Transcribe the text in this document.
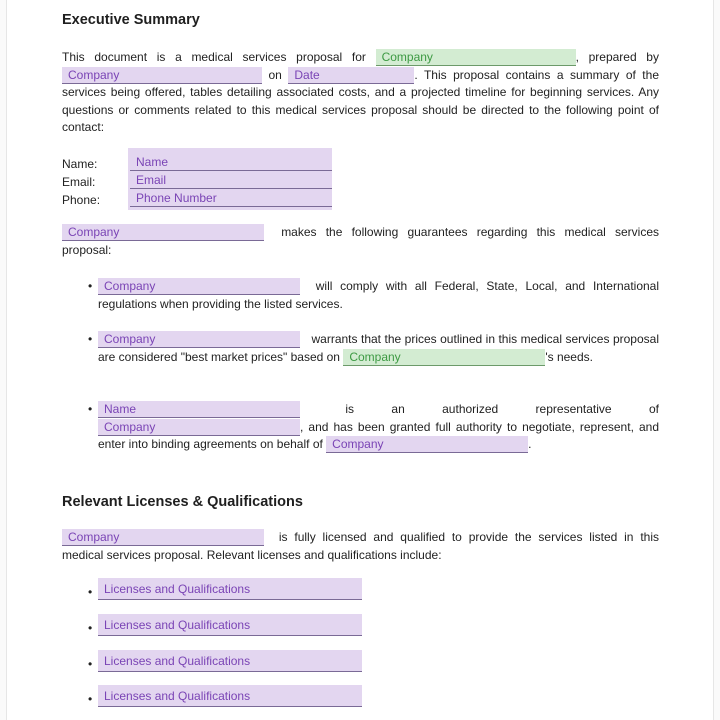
Executive Summary
This document is a medical services proposal for Company	, prepared by Company	on Date	. This proposal contains a summary of the services being offered, tables detailing associated costs, and a projected timeline for beginning services. Any questions or comments related to this medical services proposal should be directed to the following point of contact:
Name:	Name
Email:	Email
Phone:	Phone Number
Company	makes the following guarantees regarding this medical services proposal:
• Company	will comply with all Federal, State, Local, and International regulations when providing the listed services.
• Company	warrants that the prices outlined in this medical services proposal are considered "best market prices" based on Company	's needs.
• Name	is an authorized representative of Company	, and has been granted full authority to negotiate, represent, and enter into binding agreements on behalf of Company	.
Relevant Licenses & Qualifications
Company	is fully licensed and qualified to provide the services listed in this medical services proposal. Relevant licenses and qualifications include:
• Licenses and Qualifications
• Licenses and Qualifications
• Licenses and Qualifications
• Licenses and Qualifications
